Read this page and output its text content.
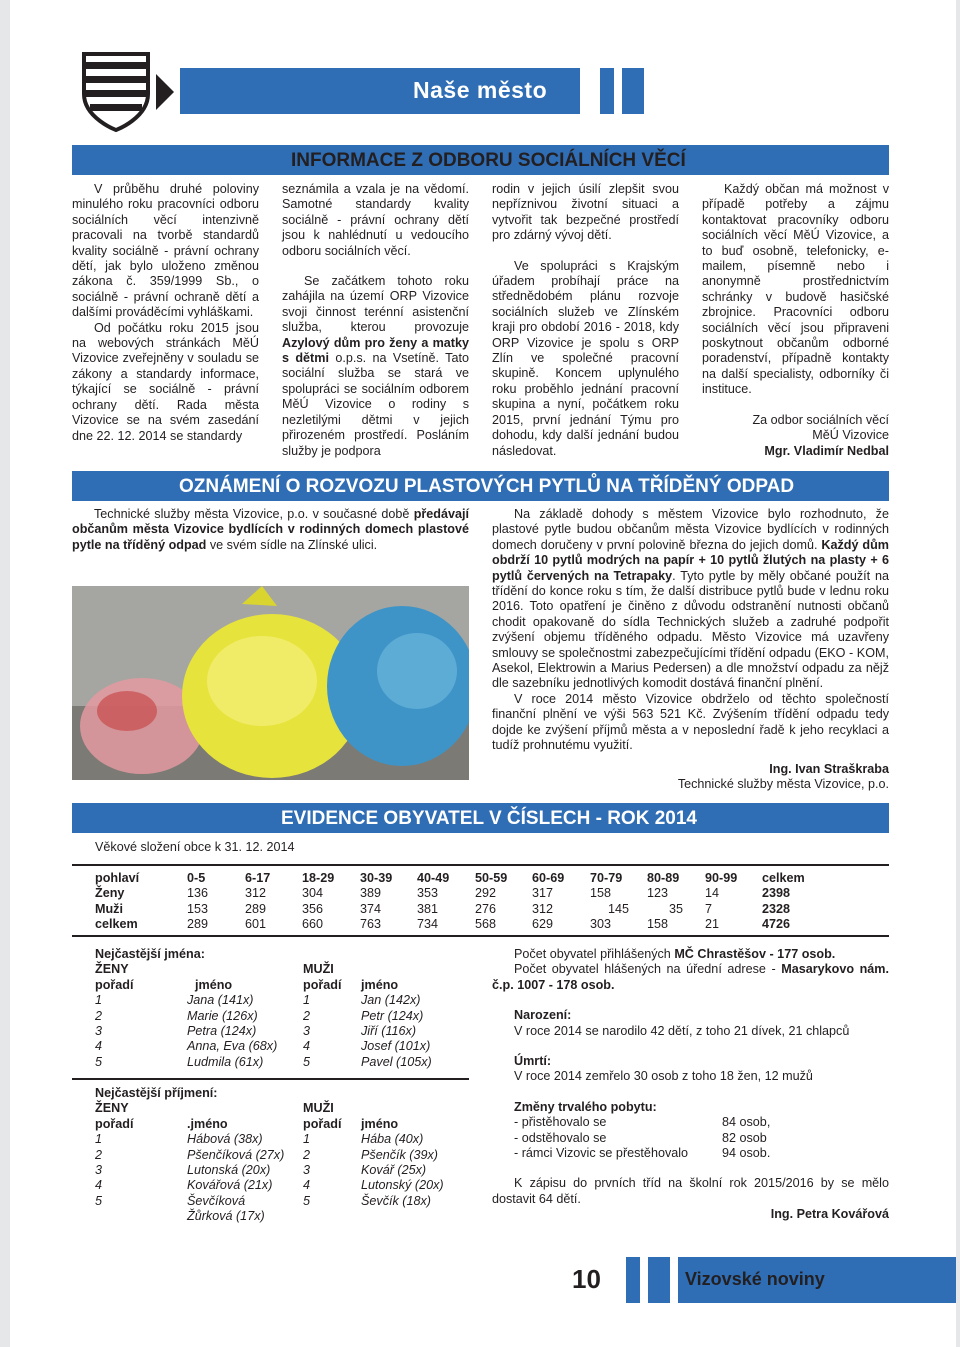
Naše město
INFORMACE Z ODBORU SOCIÁLNÍCH VĚCÍ

V průběhu druhé poloviny minulého roku pracovníci odboru sociálních věcí intenzivně pracovali na tvorbě standardů kvality sociálně - právní ochrany dětí, jak bylo uloženo změnou zákona č. 359/1999 Sb., o sociálně - právní ochraně dětí a dalšími prováděcími vyhláškami.

Od počátku roku 2015 jsou na webových stránkách MěÚ Vizovice zveřejněny v souladu se zákony a standardy informace, týkající se sociálně - právní ochrany dětí. Rada města Vizovice se na svém zasedání dne 22. 12. 2014 se standardy

seznámila a vzala je na vědomí. Samotné standardy kvality sociálně - právní ochrany dětí jsou k nahlédnutí u vedoucího odboru sociálních věcí.

Se začátkem tohoto roku zahájila na území ORP Vizovice svoji činnost terénní asistenční služba, kterou provozuje Azylový dům pro ženy a matky s dětmi o.p.s. na Vsetíně. Tato sociální služba se stará ve spolupráci se sociálním odborem MěÚ Vizovice o rodiny s nezletilými dětmi v jejich přirozeném prostředí. Posláním služby je podpora

rodin v jejich úsilí zlepšit svou nepříznivou životní situaci a vytvořit tak bezpečné prostředí pro zdárný vývoj dětí.

Ve spolupráci s Krajským úřadem probíhají práce na střednědobém plánu rozvoje sociálních služeb ve Zlínském kraji pro období 2016 - 2018, kdy ORP Vizovice je spolu s ORP Zlín ve společné pracovní skupině. Koncem uplynulého roku proběhlo jednání pracovní skupina a nyní, počátkem roku 2015, první jednání Týmu pro dohodu, kdy další jednání budou následovat.

Každý občan má možnost v případě potřeby a zájmu kontaktovat pracovníky odboru sociálních věcí MěÚ Vizovice, a to buď osobně, telefonicky, e-mailem, písemně nebo i anonymně prostřednictvím schránky v budově hasičské zbrojnice. Pracovníci odboru sociálních věcí jsou připraveni poskytnout občanům odborné poradenství, případně kontakty na další specialisty, odborníky či instituce.

Za odbor sociálních věcí

MěÚ Vizovice

Mgr. Vladimír Nedbal

OZNÁMENÍ O ROZVOZU PLASTOVÝCH PYTLŮ NA TŘÍDĚNÝ ODPAD

Technické služby města Vizovice, p.o. v současné době předávají občanům města Vizovice bydlících v rodinných domech plastové pytle na tříděný odpad ve svém sídle na Zlínské ulici.

Na základě dohody s městem Vizovice bylo rozhodnuto, že plastové pytle budou občanům města Vizovice bydlících v rodinných domech doručeny v první polovině března do jejich domů. Každý dům obdrží 10 pytlů modrých na papír + 10 pytlů žlutých na plasty + 6 pytlů červených na Tetrapaky. Tyto pytle by měly občané použít na třídění do konce roku s tím, že další distribuce pytlů bude v lednu roku 2016. Toto opatření je činěno z důvodu odstranění nutnosti občanů chodit opakovaně do sídla Technických služeb a zadruhé podpořit zvýšení objemu tříděného odpadu. Město Vizovice má uzavřeny smlouvy se společnostmi zabezpečujícími třídění odpadu (EKO - KOM, Asekol, Elektrowin a Marius Pedersen) a dle množství odpadu za nějž dle sazebníku jednotlivých komodit dostává finanční plnění.

V roce 2014 město Vizovice obdrželo od těchto společností finanční plnění ve výši 563 521 Kč. Zvýšením třídění odpadu tedy dojde ke zvýšení příjmů města a v neposlední řadě k jeho recyklaci a tudíž prohnutému využití.

Ing. Ivan Straškraba

Technické služby města Vizovice, p.o.

EVIDENCE OBYVATEL V ČÍSLECH - ROK 2014
Věkové složení obce k 31. 12. 2014
pohlaví	0-5	6-17	18-29	30-39	40-49	50-59	60-69	70-79	80-89	90-99	celkem
Ženy	136	312	304	389	353	292	317	158	123	14	2398
Muži	153	289	356	374	381	276	312	145	35	7	2328
celkem	289	601	660	763	734	568	629	303	158	21	4726
Nejčastější jména:
ŽENY	MUŽI
pořadí	jméno	pořadí	jméno
1	Jana (141x)	1	Jan (142x)
2	Marie (126x)	2	Petr (124x)
3	Petra (124x)	3	Jiří (116x)
4	Anna, Eva (68x)	4	Josef (101x)
5	Ludmila (61x)	5	Pavel (105x)
Nejčastější příjmení:
ŽENY	MUŽI
pořadí	.jméno	pořadí	jméno
1	Hábová (38x)	1	Hába (40x)
2	Pšenčíková (27x)	2	Pšenčík (39x)
3	Lutonská (20x)	3	Kovář (25x)
4	Kovářová (21x)	4	Lutonský (20x)
5	Ševčíková	5	Ševčík (18x)
Žůrková (17x)

Počet obyvatel přihlášených MČ Chrastěšov - 177 osob.

Počet obyvatel hlášených na úřední adrese - Masarykovo nám. č.p. 1007 - 178 osob.

Narození:

V roce 2014 se narodilo 42 dětí, z toho 21 dívek, 21 chlapců

Úmrtí:

V roce 2014 zemřelo 30 osob z toho 18 žen, 12 mužů

Změny trvalého pobytu:

- přistěhovalo se	84 osob,
- odstěhovalo se	82 osob
- rámci Vizovic se přestěhovalo	94 osob.

K zápisu do prvních tříd na školní rok 2015/2016 by se mělo dostavit 64 dětí.

Ing. Petra Kovářová

10	Vizovské noviny
